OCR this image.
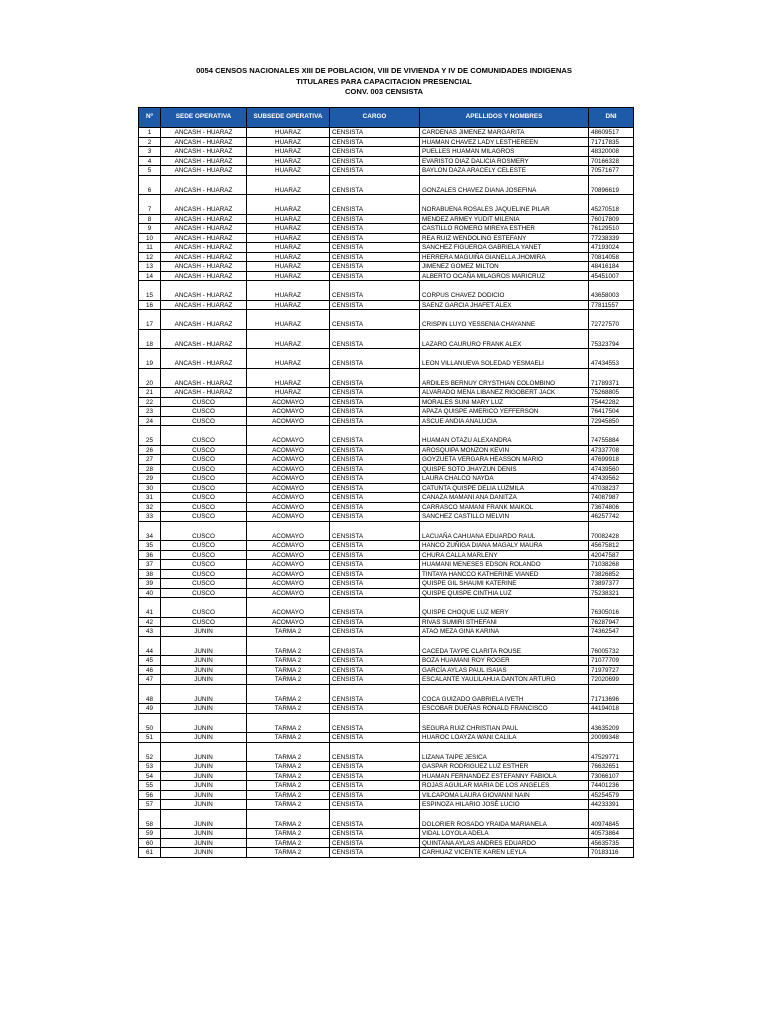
0054 CENSOS NACIONALES XIII DE POBLACION, VIII DE VIVIENDA Y IV DE COMUNIDADES INDIGENAS
TITULARES PARA CAPACITACION PRESENCIAL
CONV. 003 CENSISTA
Nº	SEDE OPERATIVA	SUBSEDE OPERATIVA	CARGO	APELLIDOS Y NOMBRES	DNI
1	ANCASH - HUARAZ	HUARAZ	CENSISTA	CARDENAS JIMENEZ MARGARITA	48609517
2	ANCASH - HUARAZ	HUARAZ	CENSISTA	HUAMAN CHAVEZ LADY LESTHEREEN	71717835
3	ANCASH - HUARAZ	HUARAZ	CENSISTA	PUELLES HUAMAN MILAGROS	48320008
4	ANCASH - HUARAZ	HUARAZ	CENSISTA	EVARISTO DIAZ DALICIA ROSMERY	70166328
5	ANCASH - HUARAZ	HUARAZ	CENSISTA	BAYLON DAZA ARACELY CELESTE	70571677
6	ANCASH - HUARAZ	HUARAZ	CENSISTA	GONZALES CHAVEZ DIANA JOSEFINA	70896619
7	ANCASH - HUARAZ	HUARAZ	CENSISTA	NORABUENA ROSALES JAQUELINE PILAR	45270518
8	ANCASH - HUARAZ	HUARAZ	CENSISTA	MENDEZ ARMEY YUDIT MILENIA	76017809
9	ANCASH - HUARAZ	HUARAZ	CENSISTA	CASTILLO ROMERO MIREYA ESTHER	76129510
10	ANCASH - HUARAZ	HUARAZ	CENSISTA	REA RUIZ WENDOLING ESTEFANY	77238339
11	ANCASH - HUARAZ	HUARAZ	CENSISTA	SANCHEZ FIGUEROA GABRIELA YANET	47193024
12	ANCASH - HUARAZ	HUARAZ	CENSISTA	HERRERA MAGUIÑA GIANELLA JHOMIRA	70814058
13	ANCASH - HUARAZ	HUARAZ	CENSISTA	JIMENEZ GOMEZ MILTON	48416184
14	ANCASH - HUARAZ	HUARAZ	CENSISTA	ALBERTO OCAÑA MILAGROS MARICRUZ	45451007
15	ANCASH - HUARAZ	HUARAZ	CENSISTA	CORPUS CHAVEZ DODICIO	43658003
16	ANCASH - HUARAZ	HUARAZ	CENSISTA	SAENZ GARCIA JHAFET ALEX	77811557
17	ANCASH - HUARAZ	HUARAZ	CENSISTA	CRISPIN LUYO YESSENIA CHAYANNE	72727570
18	ANCASH - HUARAZ	HUARAZ	CENSISTA	LAZARO CAURURO FRANK ALEX	75323794
19	ANCASH - HUARAZ	HUARAZ	CENSISTA	LEON VILLANUEVA SOLEDAD YESMAELI	47434553
20	ANCASH - HUARAZ	HUARAZ	CENSISTA	ARDILES BERNUY CRYSTHIAN COLOMBINO	71789371
21	ANCASH - HUARAZ	HUARAZ	CENSISTA	ALVARADO MENA LIBANEZ RIGOBERT JACK	75268805
22	CUSCO	ACOMAYO	CENSISTA	MORALES SUNI MARY LUZ	75442282
23	CUSCO	ACOMAYO	CENSISTA	APAZA QUISPE AMERICO YEFFERSON	76417504
24	CUSCO	ACOMAYO	CENSISTA	ASCUE ANDIA ANALUCIA	72945850
25	CUSCO	ACOMAYO	CENSISTA	HUAMAN OTAZU ALEXANDRA	74755884
26	CUSCO	ACOMAYO	CENSISTA	AROSQUIPA MONZON KEVIN	47337708
27	CUSCO	ACOMAYO	CENSISTA	GOYZUETA VERGARA HEASSON MARIO	47699918
28	CUSCO	ACOMAYO	CENSISTA	QUISPE SOTO JHAYZUN DENIS	47439560
29	CUSCO	ACOMAYO	CENSISTA	LAURA CHALCO NAYDA	47439562
30	CUSCO	ACOMAYO	CENSISTA	CATUNTA QUISPE DELIA LUZMILA	47038237
31	CUSCO	ACOMAYO	CENSISTA	CANAZA MAMANI ANA DANITZA	74087987
32	CUSCO	ACOMAYO	CENSISTA	CARRASCO MAMANI FRANK MAIKOL	73674806
33	CUSCO	ACOMAYO	CENSISTA	SANCHEZ CASTILLO MELVIN	46257742
34	CUSCO	ACOMAYO	CENSISTA	LACUAÑA CAHUANA EDUARDO RAUL	70082428
35	CUSCO	ACOMAYO	CENSISTA	HANCO ZUÑIGA DIANA MAGALY MAURA	45675812
36	CUSCO	ACOMAYO	CENSISTA	CHURA CALLA MARLENY	42047587
37	CUSCO	ACOMAYO	CENSISTA	HUAMANI MENESES EDSON ROLANDO	71038268
38	CUSCO	ACOMAYO	CENSISTA	TINTAYA HANCCO KATHERINE VIANED	73826852
39	CUSCO	ACOMAYO	CENSISTA	QUISPE GIL SHAUMI KATERINE	73897377
40	CUSCO	ACOMAYO	CENSISTA	QUISPE QUISPE CINTHIA LUZ	75238321
41	CUSCO	ACOMAYO	CENSISTA	QUISPE CHOQUE LUZ MERY	76305016
42	CUSCO	ACOMAYO	CENSISTA	RIVAS SUMIRI STHEFANI	76287947
43	JUNIN	TARMA 2	CENSISTA	ATAO MEZA GINA KARINA	74362547
44	JUNIN	TARMA 2	CENSISTA	CACEDA TAYPE CLARITA ROUSE	76005732
45	JUNIN	TARMA 2	CENSISTA	BOZA HUAMANI ROY ROGER	71077709
46	JUNIN	TARMA 2	CENSISTA	GARCÍA AYLAS PAUL ISAIAS	71979727
47	JUNIN	TARMA 2	CENSISTA	ESCALANTE YAULILAHUA DANTON ARTURO	72020699
48	JUNIN	TARMA 2	CENSISTA	COCA GUIZADO GABRIELA IVETH	71713696
49	JUNIN	TARMA 2	CENSISTA	ESCOBAR DUEÑAS RONALD FRANCISCO	44194018
50	JUNIN	TARMA 2	CENSISTA	SEGURA RUIZ CHRISTIAN PAUL	43635209
51	JUNIN	TARMA 2	CENSISTA	HUAROC LOAYZA WANI CALILA	20099348
52	JUNIN	TARMA 2	CENSISTA	LIZANA TAIPE JESICA	47529771
53	JUNIN	TARMA 2	CENSISTA	GASPAR RODRIGUEZ LUZ ESTHER	76632651
54	JUNIN	TARMA 2	CENSISTA	HUAMAN FERNANDEZ ESTEFANNY FABIOLA	73066107
55	JUNIN	TARMA 2	CENSISTA	ROJAS AGUILAR MARIA DE LOS ANGELES	74401236
56	JUNIN	TARMA 2	CENSISTA	VILCAPOMA LAURA GIOVANNI NAIN	45254579
57	JUNIN	TARMA 2	CENSISTA	ESPINOZA HILARIO JOSÉ LUCIO	44233391
58	JUNIN	TARMA 2	CENSISTA	DOLORIER ROSADO YRAIDA MARIANELA	40974845
59	JUNIN	TARMA 2	CENSISTA	VIDAL LOYOLA ADELA	40573864
60	JUNIN	TARMA 2	CENSISTA	QUINTANA AYLAS ANDRES EDUARDO	45635735
61	JUNIN	TARMA 2	CENSISTA	CARHUAZ VICENTE KAREN LEYLA	70183116
